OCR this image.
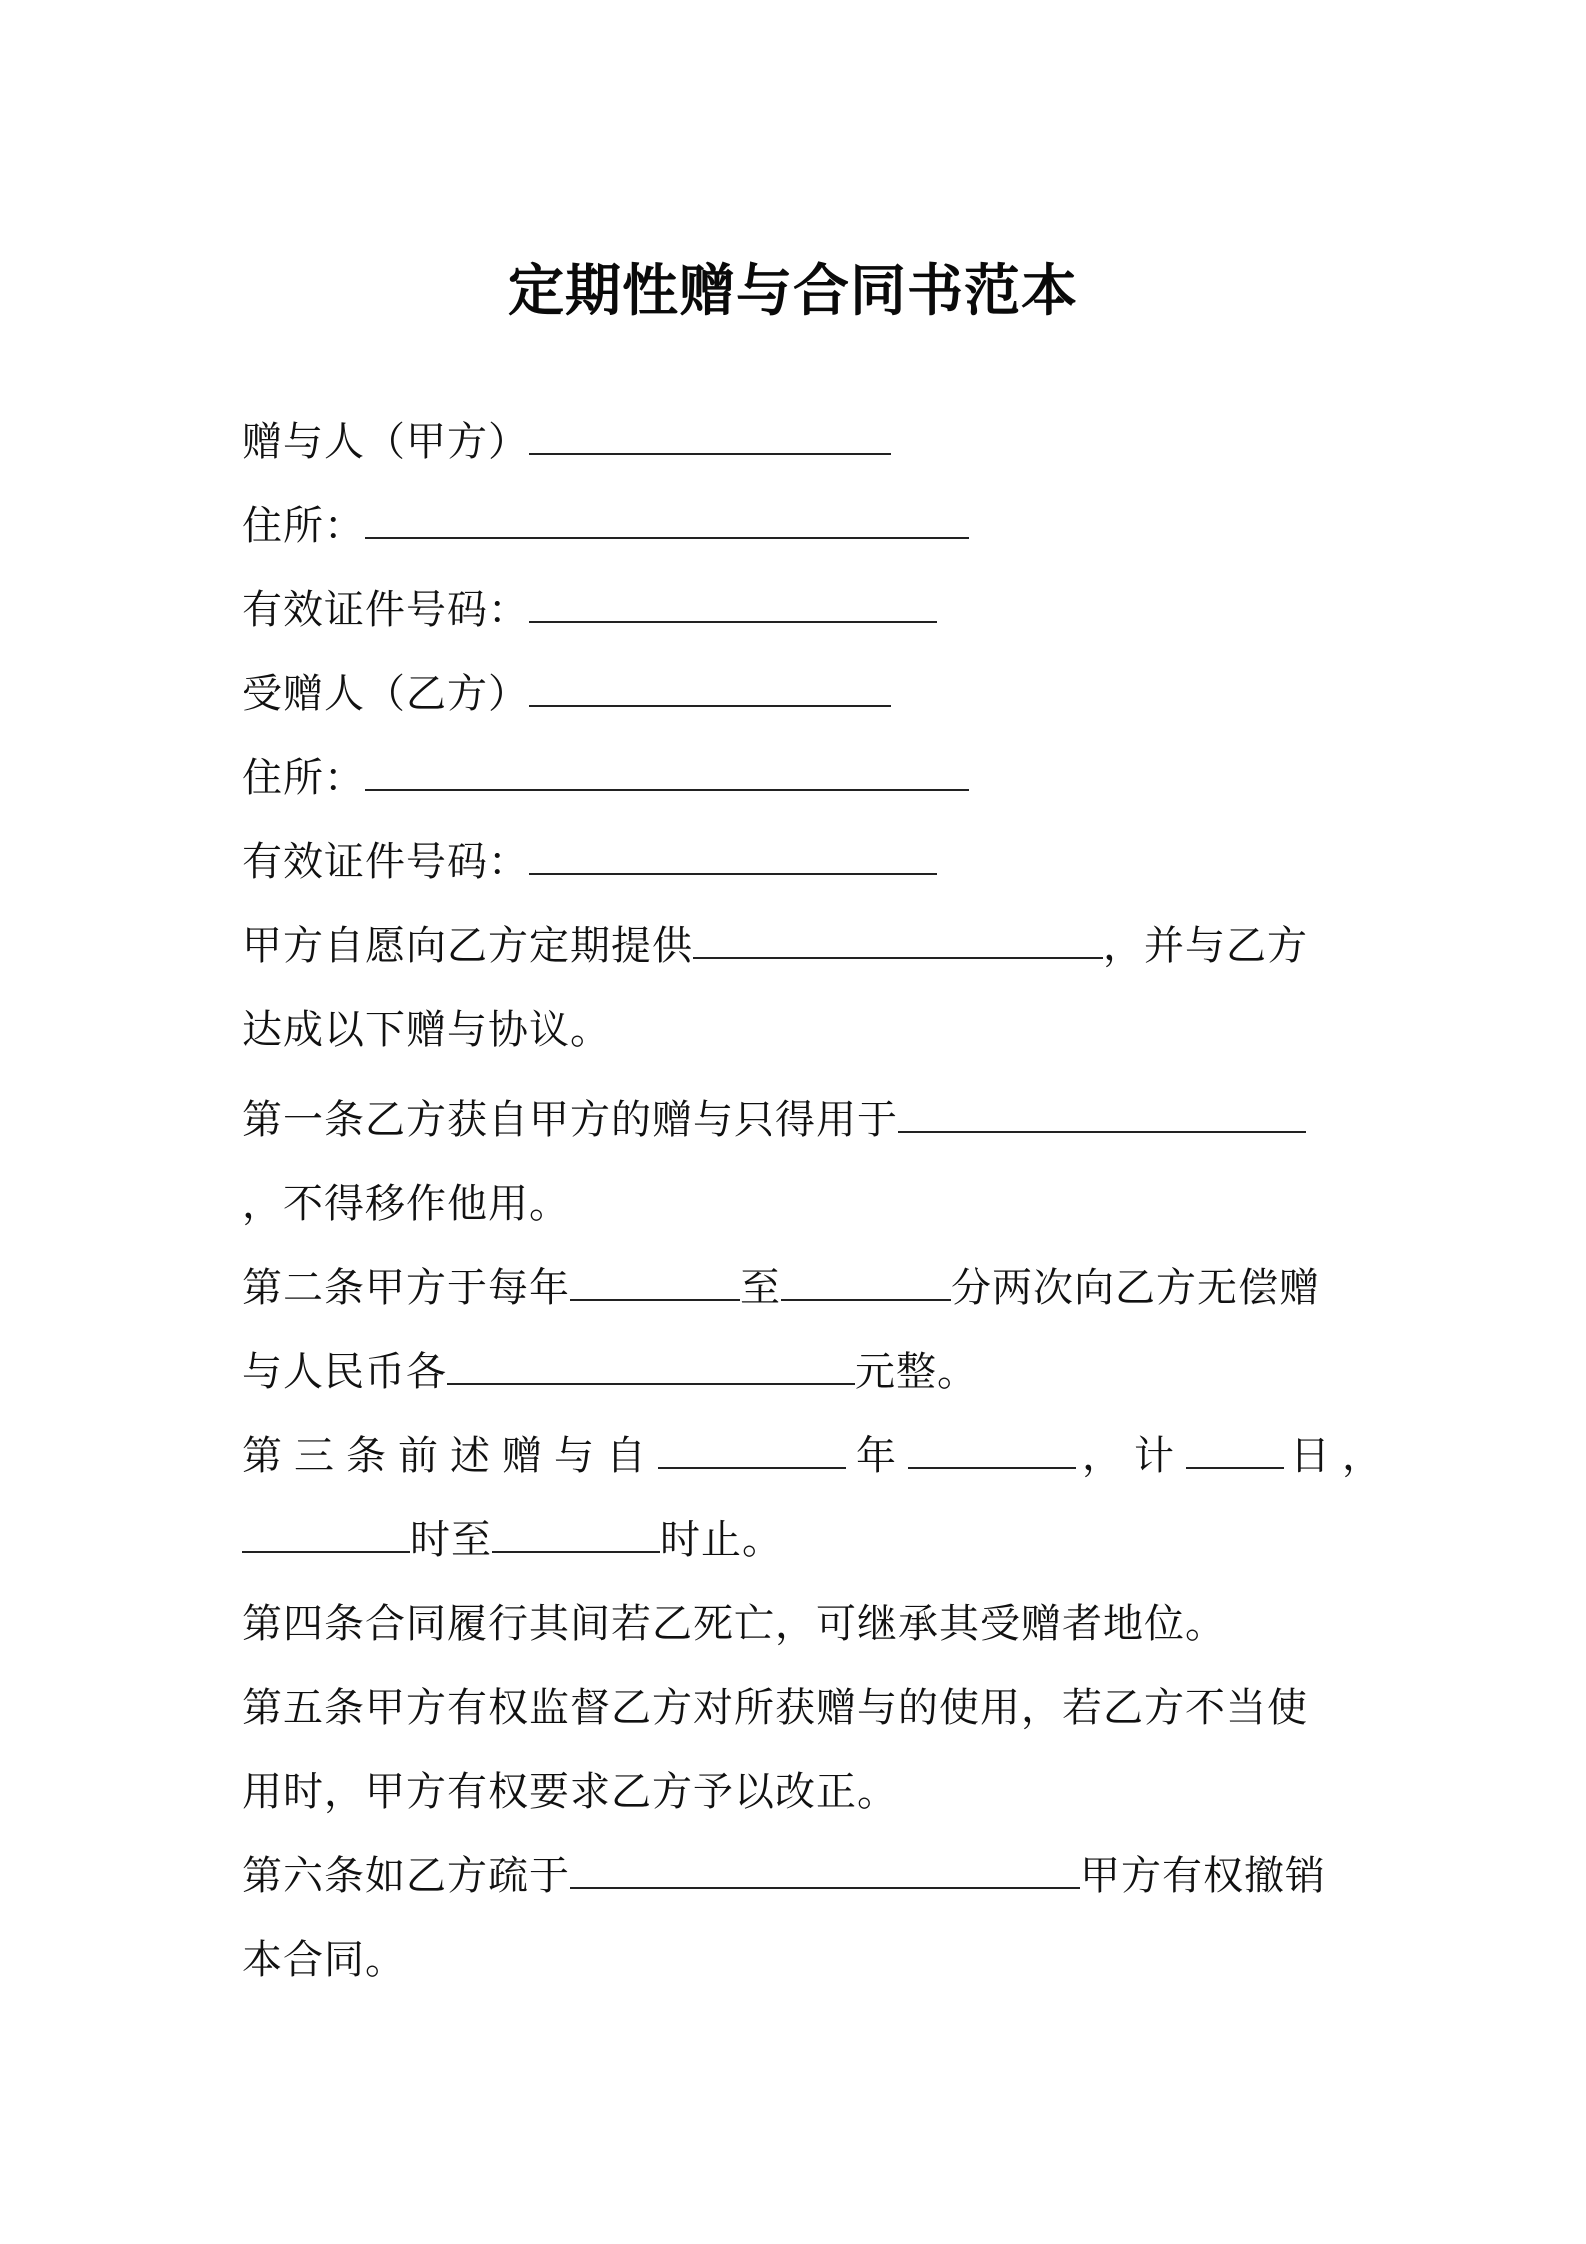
定期性赠与合同书范本
赠与人（甲方）
住所：
有效证件号码：
受赠人（乙方）
住所：
有效证件号码：
甲方自愿向乙方定期提供	，并与乙方
达成以下赠与协议。
第一条乙方获自甲方的赠与只得用于
，不得移作他用。
第二条甲方于每年	至	分两次向乙方无偿赠
与人民币各	元整。
第三条前述赠与自	年	，计	日，
时至	时止。
第四条合同履行其间若乙死亡，可继承其受赠者地位。
第五条甲方有权监督乙方对所获赠与的使用，若乙方不当使
用时，甲方有权要求乙方予以改正。
第六条如乙方疏于	甲方有权撤销
本合同。
